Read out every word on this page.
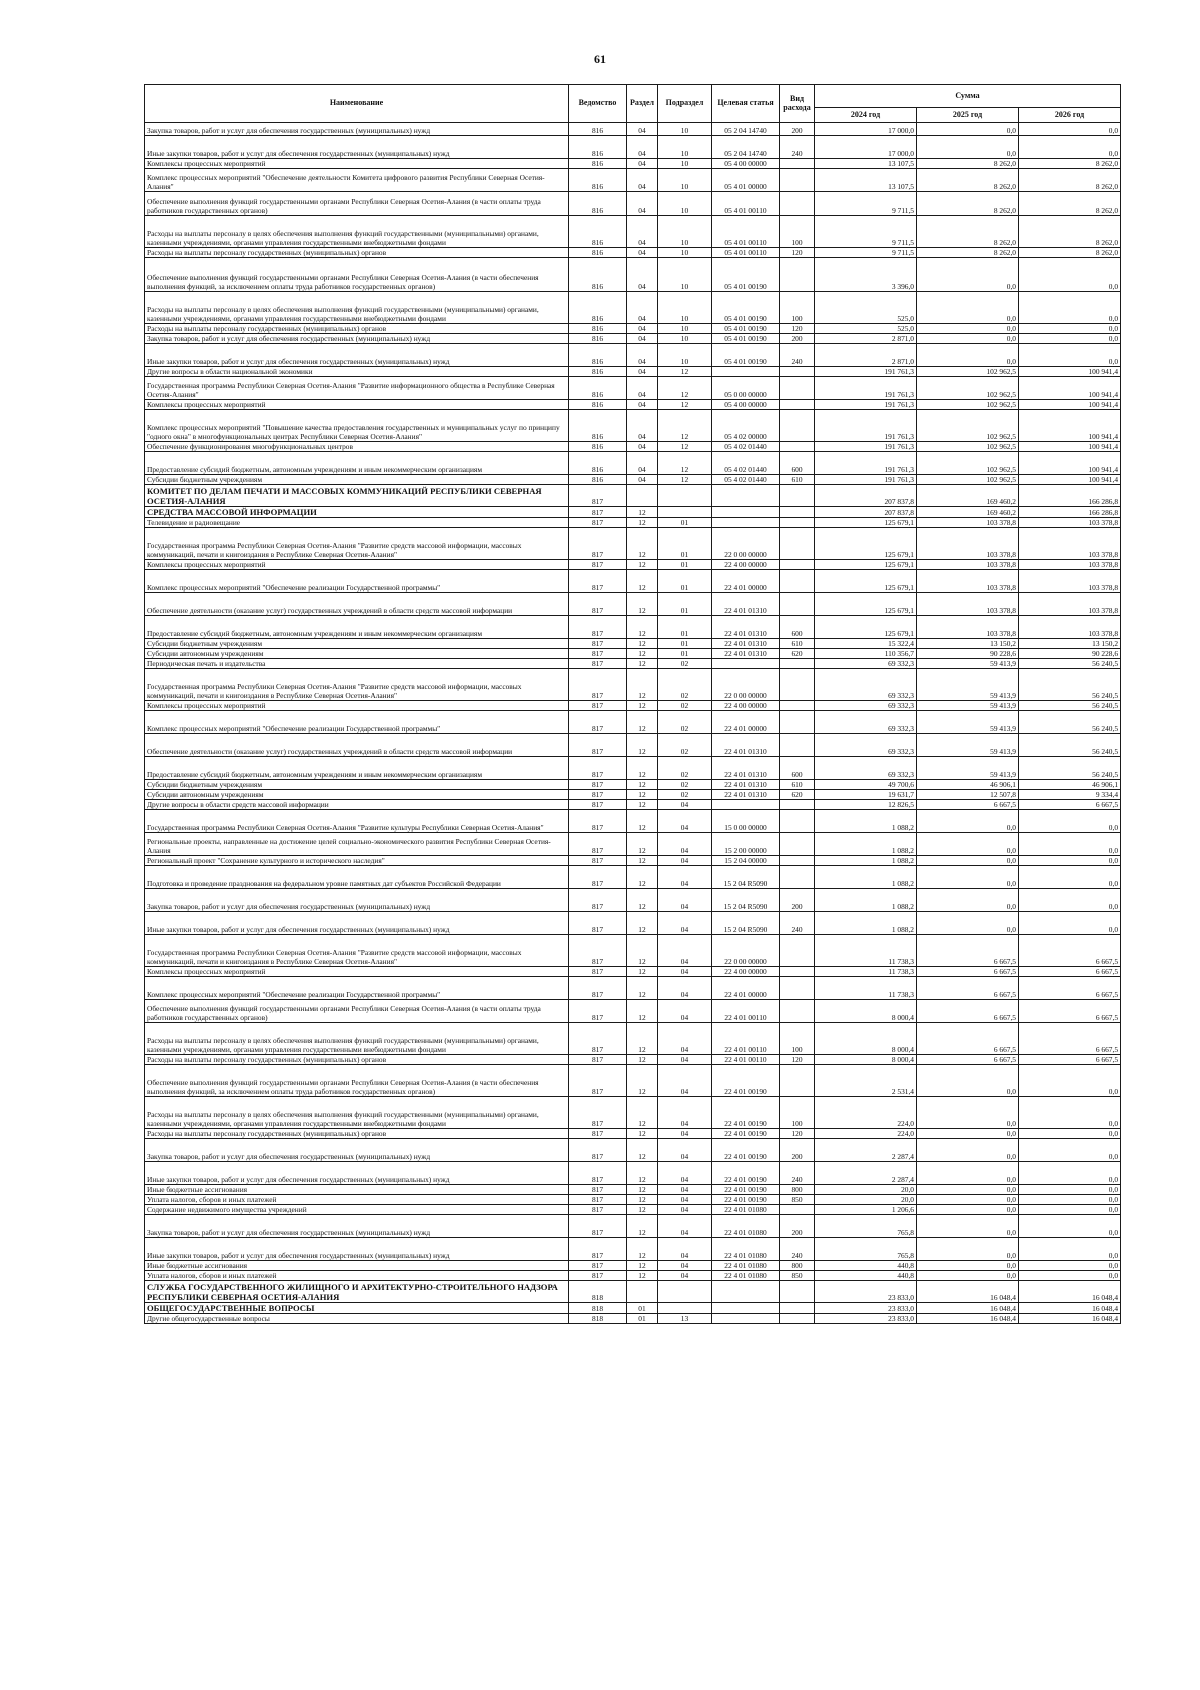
61
Наименование	Ведомство	Раздел	Подраздел	Целевая статья	Вид расхода	Сумма		
						2024 год	2025 год	2026 год
Закупка товаров, работ и услуг для обеспечения государственных (муниципальных) нужд	816	04	10	05 2 04 14740	200	17 000,0	0,0	0,0
Иные закупки товаров, работ и услуг для обеспечения государственных (муниципальных) нужд	816	04	10	05 2 04 14740	240	17 000,0	0,0	0,0
Комплексы процессных мероприятий	816	04	10	05 4 00 00000		13 107,5	8 262,0	8 262,0
Комплекс процессных мероприятий "Обеспечение деятельности Комитета цифрового развития Республики Северная Осетия-Алания"	816	04	10	05 4 01 00000		13 107,5	8 262,0	8 262,0
Обеспечение выполнения функций государственными органами Республики Северная Осетия-Алания (в части оплаты труда работников государственных органов)	816	04	10	05 4 01 00110		9 711,5	8 262,0	8 262,0
Расходы на выплаты персоналу в целях обеспечения выполнения функций государственными (муниципальными) органами, казенными учреждениями, органами управления государственными внебюджетными фондами	816	04	10	05 4 01 00110	100	9 711,5	8 262,0	8 262,0
Расходы на выплаты персоналу государственных (муниципальных) органов	816	04	10	05 4 01 00110	120	9 711,5	8 262,0	8 262,0
Обеспечение выполнения функций государственными органами Республики Северная Осетия-Алания (в части обеспечения выполнения функций, за исключением оплаты труда работников государственных органов)	816	04	10	05 4 01 00190		3 396,0	0,0	0,0
Расходы на выплаты персоналу в целях обеспечения выполнения функций государственными (муниципальными) органами, казенными учреждениями, органами управления государственными внебюджетными фондами	816	04	10	05 4 01 00190	100	525,0	0,0	0,0
Расходы на выплаты персоналу государственных (муниципальных) органов	816	04	10	05 4 01 00190	120	525,0	0,0	0,0
Закупка товаров, работ и услуг для обеспечения государственных (муниципальных) нужд	816	04	10	05 4 01 00190	200	2 871,0	0,0	0,0
Иные закупки товаров, работ и услуг для обеспечения государственных (муниципальных) нужд	816	04	10	05 4 01 00190	240	2 871,0	0,0	0,0
Другие вопросы в области национальной экономики	816	04	12			191 761,3	102 962,5	100 941,4
Государственная программа Республики Северная Осетия-Алания "Развитие информационного общества в Республике Северная Осетия-Алания"	816	04	12	05 0 00 00000		191 761,3	102 962,5	100 941,4
Комплексы процессных мероприятий	816	04	12	05 4 00 00000		191 761,3	102 962,5	100 941,4
Комплекс процессных мероприятий "Повышение качества предоставления государственных и муниципальных услуг по принципу "одного окна" в многофункциональных центрах Республики Северная Осетия-Алания"	816	04	12	05 4 02 00000		191 761,3	102 962,5	100 941,4
Обеспечение функционирования многофункциональных центров	816	04	12	05 4 02 01440		191 761,3	102 962,5	100 941,4
Предоставление субсидий бюджетным, автономным учреждениям и иным некоммерческим организациям	816	04	12	05 4 02 01440	600	191 761,3	102 962,5	100 941,4
Субсидии бюджетным учреждениям	816	04	12	05 4 02 01440	610	191 761,3	102 962,5	100 941,4
КОМИТЕТ ПО ДЕЛАМ ПЕЧАТИ И МАССОВЫХ КОММУНИКАЦИЙ РЕСПУБЛИКИ СЕВЕРНАЯ ОСЕТИЯ-АЛАНИЯ	817					207 837,8	169 460,2	166 286,8
СРЕДСТВА МАССОВОЙ ИНФОРМАЦИИ	817	12				207 837,8	169 460,2	166 286,8
Телевидение и радиовещание	817	12	01			125 679,1	103 378,8	103 378,8
Государственная программа Республики Северная Осетия-Алания "Развитие средств массовой информации, массовых коммуникаций, печати и книгоиздания в Республике Северная Осетия-Алания"	817	12	01	22 0 00 00000		125 679,1	103 378,8	103 378,8
Комплексы процессных мероприятий	817	12	01	22 4 00 00000		125 679,1	103 378,8	103 378,8
Комплекс процессных мероприятий "Обеспечение реализации Государственной программы"	817	12	01	22 4 01 00000		125 679,1	103 378,8	103 378,8
Обеспечение деятельности (оказание услуг) государственных учреждений в области средств массовой информации	817	12	01	22 4 01 01310		125 679,1	103 378,8	103 378,8
Предоставление субсидий бюджетным, автономным учреждениям и иным некоммерческим организациям	817	12	01	22 4 01 01310	600	125 679,1	103 378,8	103 378,8
Субсидии бюджетным учреждениям	817	12	01	22 4 01 01310	610	15 322,4	13 150,2	13 150,2
Субсидии автономным учреждениям	817	12	01	22 4 01 01310	620	110 356,7	90 228,6	90 228,6
Периодическая печать и издательства	817	12	02			69 332,3	59 413,9	56 240,5
Государственная программа Республики Северная Осетия-Алания "Развитие средств массовой информации, массовых коммуникаций, печати и книгоиздания в Республике Северная Осетия-Алания"	817	12	02	22 0 00 00000		69 332,3	59 413,9	56 240,5
Комплексы процессных мероприятий	817	12	02	22 4 00 00000		69 332,3	59 413,9	56 240,5
Комплекс процессных мероприятий "Обеспечение реализации Государственной программы"	817	12	02	22 4 01 00000		69 332,3	59 413,9	56 240,5
Обеспечение деятельности (оказание услуг) государственных учреждений в области средств массовой информации	817	12	02	22 4 01 01310		69 332,3	59 413,9	56 240,5
Предоставление субсидий бюджетным, автономным учреждениям и иным некоммерческим организациям	817	12	02	22 4 01 01310	600	69 332,3	59 413,9	56 240,5
Субсидии бюджетным учреждениям	817	12	02	22 4 01 01310	610	49 700,6	46 906,1	46 906,1
Субсидии автономным учреждениям	817	12	02	22 4 01 01310	620	19 631,7	12 507,8	9 334,4
Другие вопросы в области средств массовой информации	817	12	04			12 826,5	6 667,5	6 667,5
Государственная программа Республики Северная Осетия-Алания "Развитие культуры Республики Северная Осетия-Алания"	817	12	04	15 0 00 00000		1 088,2	0,0	0,0
Региональные проекты, направленные на достижение целей социально-экономического развития Республики Северная Осетия-Алания	817	12	04	15 2 00 00000		1 088,2	0,0	0,0
Региональный проект "Сохранение культурного и исторического наследия"	817	12	04	15 2 04 00000		1 088,2	0,0	0,0
Подготовка и проведение празднования на федеральном уровне памятных дат субъектов Российской Федерации	817	12	04	15 2 04 R5090		1 088,2	0,0	0,0
Закупка товаров, работ и услуг для обеспечения государственных (муниципальных) нужд	817	12	04	15 2 04 R5090	200	1 088,2	0,0	0,0
Иные закупки товаров, работ и услуг для обеспечения государственных (муниципальных) нужд	817	12	04	15 2 04 R5090	240	1 088,2	0,0	0,0
Государственная программа Республики Северная Осетия-Алания "Развитие средств массовой информации, массовых коммуникаций, печати и книгоиздания в Республике Северная Осетия-Алания"	817	12	04	22 0 00 00000		11 738,3	6 667,5	6 667,5
Комплексы процессных мероприятий	817	12	04	22 4 00 00000		11 738,3	6 667,5	6 667,5
Комплекс процессных мероприятий "Обеспечение реализации Государственной программы"	817	12	04	22 4 01 00000		11 738,3	6 667,5	6 667,5
Обеспечение выполнения функций государственными органами Республики Северная Осетия-Алания (в части оплаты труда работников государственных органов)	817	12	04	22 4 01 00110		8 000,4	6 667,5	6 667,5
Расходы на выплаты персоналу в целях обеспечения выполнения функций государственными (муниципальными) органами, казенными учреждениями, органами управления государственными внебюджетными фондами	817	12	04	22 4 01 00110	100	8 000,4	6 667,5	6 667,5
Расходы на выплаты персоналу государственных (муниципальных) органов	817	12	04	22 4 01 00110	120	8 000,4	6 667,5	6 667,5
Обеспечение выполнения функций государственными органами Республики Северная Осетия-Алания (в части обеспечения выполнения функций, за исключением оплаты труда работников государственных органов)	817	12	04	22 4 01 00190		2 531,4	0,0	0,0
Расходы на выплаты персоналу в целях обеспечения выполнения функций государственными (муниципальными) органами, казенными учреждениями, органами управления государственными внебюджетными фондами	817	12	04	22 4 01 00190	100	224,0	0,0	0,0
Расходы на выплаты персоналу государственных (муниципальных) органов	817	12	04	22 4 01 00190	120	224,0	0,0	0,0
Закупка товаров, работ и услуг для обеспечения государственных (муниципальных) нужд	817	12	04	22 4 01 00190	200	2 287,4	0,0	0,0
Иные закупки товаров, работ и услуг для обеспечения государственных (муниципальных) нужд	817	12	04	22 4 01 00190	240	2 287,4	0,0	0,0
Иные бюджетные ассигнования	817	12	04	22 4 01 00190	800	20,0	0,0	0,0
Уплата налогов, сборов и иных платежей	817	12	04	22 4 01 00190	850	20,0	0,0	0,0
Содержание недвижимого имущества учреждений	817	12	04	22 4 01 01080		1 206,6	0,0	0,0
Закупка товаров, работ и услуг для обеспечения государственных (муниципальных) нужд	817	12	04	22 4 01 01080	200	765,8	0,0	0,0
Иные закупки товаров, работ и услуг для обеспечения государственных (муниципальных) нужд	817	12	04	22 4 01 01080	240	765,8	0,0	0,0
Иные бюджетные ассигнования	817	12	04	22 4 01 01080	800	440,8	0,0	0,0
Уплата налогов, сборов и иных платежей	817	12	04	22 4 01 01080	850	440,8	0,0	0,0
СЛУЖБА ГОСУДАРСТВЕННОГО ЖИЛИЩНОГО И АРХИТЕКТУРНО-СТРОИТЕЛЬНОГО НАДЗОРА РЕСПУБЛИКИ СЕВЕРНАЯ ОСЕТИЯ-АЛАНИЯ	818					23 833,0	16 048,4	16 048,4
ОБЩЕГОСУДАРСТВЕННЫЕ ВОПРОСЫ	818	01				23 833,0	16 048,4	16 048,4
Другие общегосударственные вопросы	818	01	13			23 833,0	16 048,4	16 048,4
